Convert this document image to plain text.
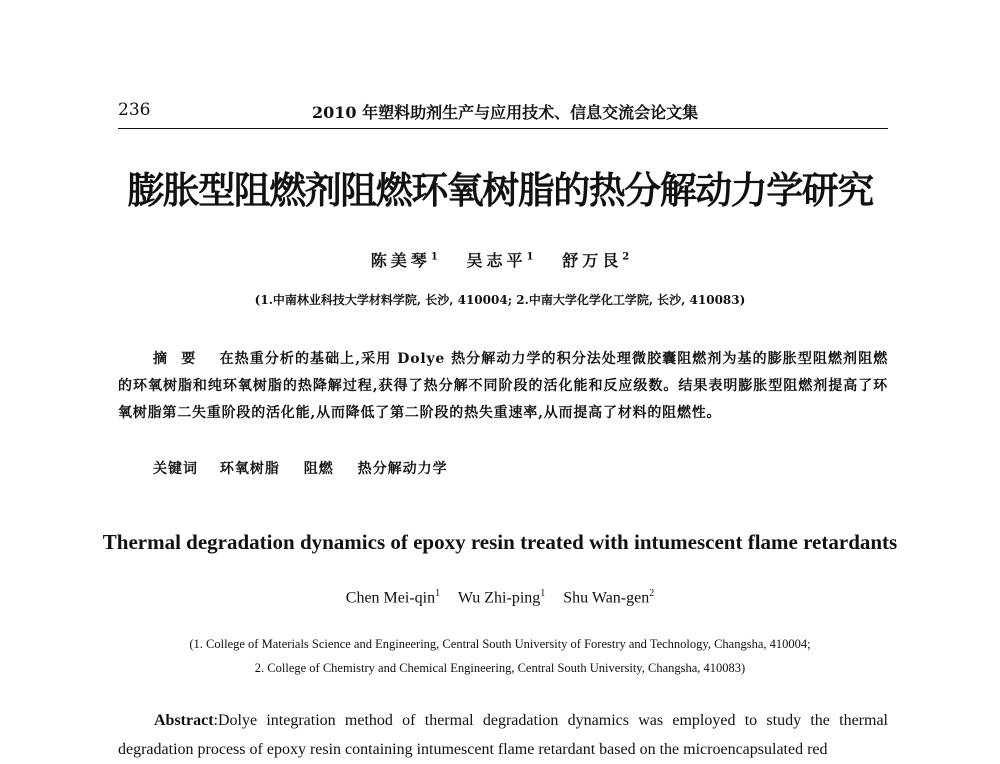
236	2010 年塑料助剂生产与应用技术、信息交流会论文集
膨胀型阻燃剂阻燃环氧树脂的热分解动力学研究
陈美琴$^1$ 吴志平$^1$ 舒万艮$^2$
(1.中南林业科技大学材料学院, 长沙, 410004; 2.中南大学化学化工学院, 长沙, 410083)
摘要 在热重分析的基础上,采用 Dolye 热分解动力学的积分法处理微胶囊阻燃剂为基的膨胀型阻燃剂阻燃的环氧树脂和纯环氧树脂的热降解过程,获得了热分解不同阶段的活化能和反应级数。结果表明膨胀型阻燃剂提高了环氧树脂第二失重阶段的活化能,从而降低了第二阶段的热失重速率,从而提高了材料的阻燃性。
关键词 环氧树脂 阻燃 热分解动力学
Thermal degradation dynamics of epoxy resin treated with intumescent flame retardants
Chen Mei-qin$^1$ Wu Zhi-ping$^1$ Shu Wan-gen$^2$
(1. College of Materials Science and Engineering, Central South University of Forestry and Technology, Changsha, 410004;
2. College of Chemistry and Chemical Engineering, Central South University, Changsha, 410083)
Abstract:Dolye integration method of thermal degradation dynamics was employed to study the thermal degradation process of epoxy resin containing intumescent flame retardant based on the microencapsulated red
